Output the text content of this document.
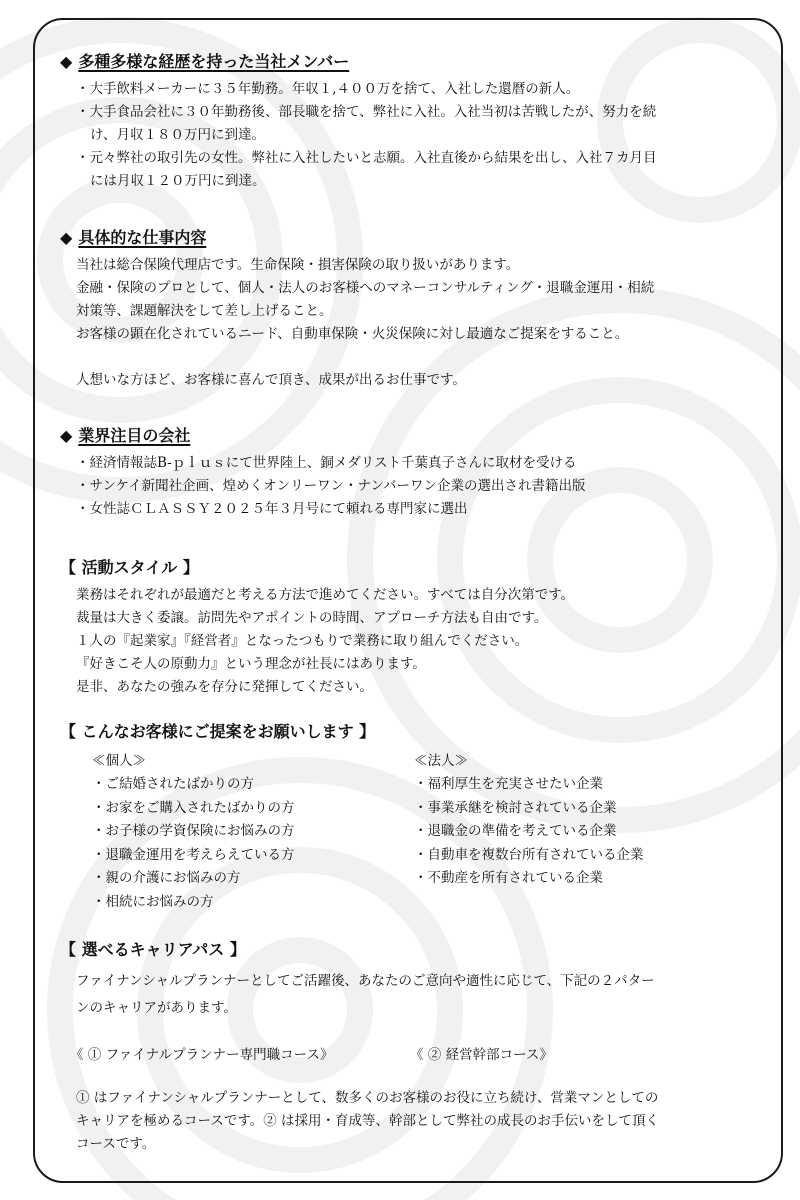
◆ 多種多様な経歴を持った当社メンバー
・大手飲料メーカーに３５年勤務。年収１,４００万を捨て、入社した還暦の新人。
・大手食品会社に３０年勤務後、部長職を捨て、弊社に入社。入社当初は苦戦したが、努力を続
け、月収１８０万円に到達。
・元々弊社の取引先の女性。弊社に入社したいと志願。入社直後から結果を出し、入社７カ月目
には月収１２０万円に到達。
◆ 具体的な仕事内容
当社は総合保険代理店です。生命保険・損害保険の取り扱いがあります。
金融・保険のプロとして、個人・法人のお客様へのマネーコンサルティング・退職金運用・相続
対策等、課題解決をして差し上げること。
お客様の顕在化されているニード、自動車保険・火災保険に対し最適なご提案をすること。
人想いな方ほど、お客様に喜んで頂き、成果が出るお仕事です。
◆ 業界注目の会社
・経済情報誌B-ｐｌｕｓにて世界陸上、銅メダリスト千葉真子さんに取材を受ける
・サンケイ新聞社企画、煌めくオンリーワン・ナンバーワン企業の選出され書籍出版
・女性誌ＣＬＡＳＳＹ２０２５年３月号にて頼れる専門家に選出
【 活動スタイル 】
業務はそれぞれが最適だと考える方法で進めてください。すべては自分次第です。
裁量は大きく委譲。訪問先やアポイントの時間、アプローチ方法も自由です。
１人の『起業家』『経営者』となったつもりで業務に取り組んでください。
『好きこそ人の原動力』という理念が社長にはあります。
是非、あなたの強みを存分に発揮してください。
【 こんなお客様にご提案をお願いします 】
≪個人≫
・ご結婚されたばかりの方
・お家をご購入されたばかりの方
・お子様の学資保険にお悩みの方
・退職金運用を考えらえている方
・親の介護にお悩みの方
・相続にお悩みの方
≪法人≫
・福利厚生を充実させたい企業
・事業承継を検討されている企業
・退職金の準備を考えている企業
・自動車を複数台所有されている企業
・不動産を所有されている企業
【 選べるキャリアパス 】
ファイナンシャルプランナーとしてご活躍後、あなたのご意向や適性に応じて、下記の２パター
ンのキャリアがあります。
《 ① ファイナルプランナー専門職コース》	《 ② 経営幹部コース》
① はファイナンシャルプランナーとして、数多くのお客様のお役に立ち続け、営業マンとしての
キャリアを極めるコースです。② は採用・育成等、幹部として弊社の成長のお手伝いをして頂く
コースです。
